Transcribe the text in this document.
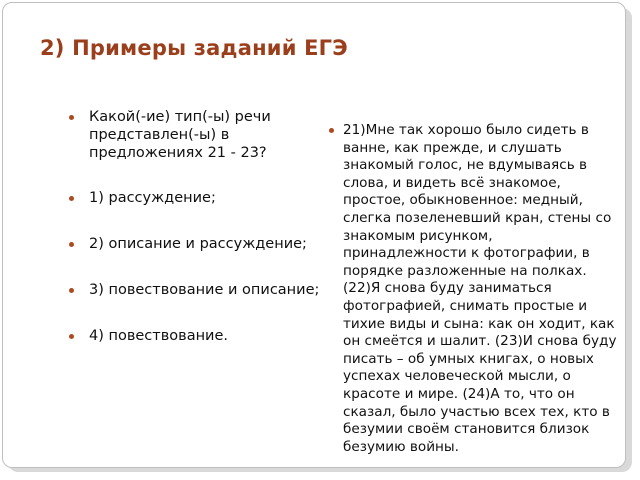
2) Примеры заданий ЕГЭ
Какой(-ие) тип(-ы) речи представлен(-ы) в предложениях 21 - 23?
1) рассуждение;
2) описание и рассуждение;
3) повествование и описание;
4) повествование.
21)Мне так хорошо было сидеть в ванне, как прежде, и слушать знакомый голос, не вдумываясь в слова, и видеть всё знакомое, простое, обыкновенное: медный, слегка позеленевший кран, стены со знакомым рисунком, принадлежности к фотографии, в порядке разложенные на полках. (22)Я снова буду заниматься фотографией, снимать простые и тихие виды и сына: как он ходит, как он смеётся и шалит. (23)И снова буду писать – об умных книгах, о новых успехах человеческой мысли, о красоте и мире. (24)А то, что он сказал, было участью всех тех, кто в безумии своём становится близок безумию войны.
